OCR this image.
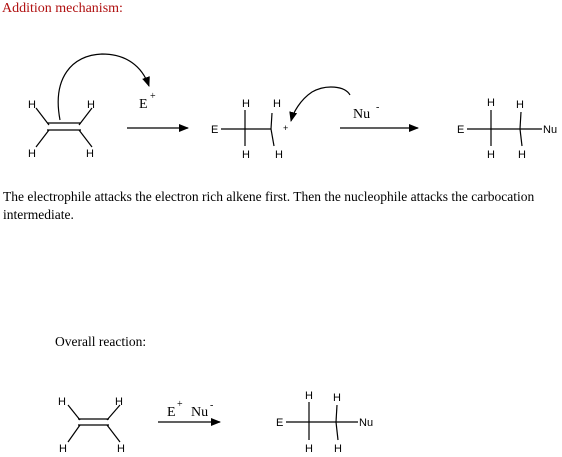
Addition mechanism:
H	H
H	H
E
+
E
H
H
H
H
+
Nu -
E
H
H
H
H
Nu
H	H
H	H
E
+
Nu -
E
H
H
H
H
Nu
The electrophile attacks the electron rich alkene first. Then the nucleophile attacks the carbocation intermediate.
Overall reaction:
